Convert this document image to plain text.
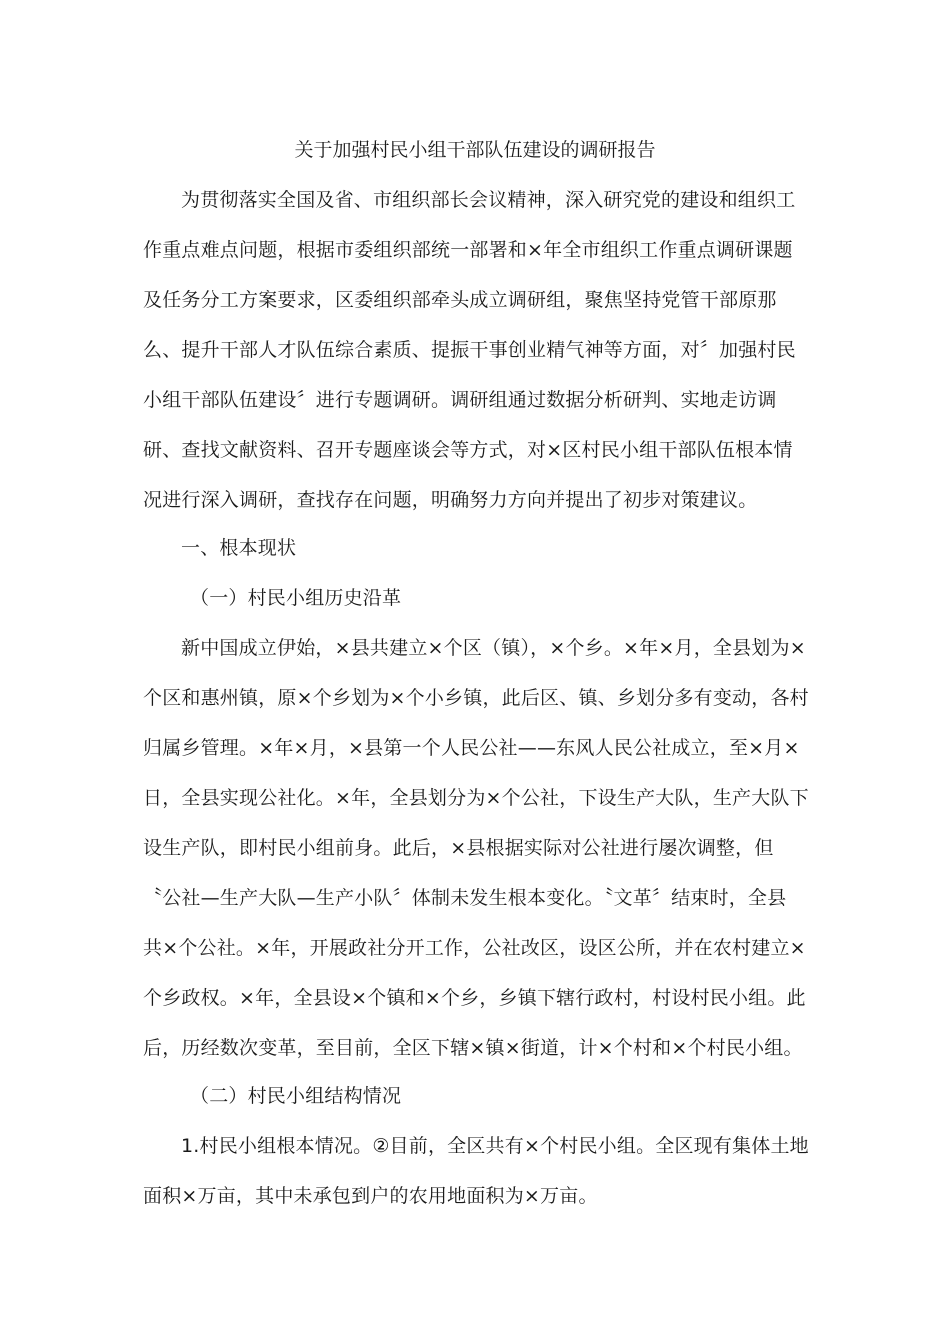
关于加强村民小组干部队伍建设的调研报告
为贯彻落实全国及省、市组织部长会议精神，深入研究党的建设和组织工
作重点难点问题，根据市委组织部统一部署和×年全市组织工作重点调研课题
及任务分工方案要求，区委组织部牵头成立调研组，聚焦坚持党管干部原那
么、提升干部人才队伍综合素质、提振干事创业精气神等方面，对〞加强村民
小组干部队伍建设〞进行专题调研。调研组通过数据分析研判、实地走访调
研、查找文献资料、召开专题座谈会等方式，对×区村民小组干部队伍根本情
况进行深入调研，查找存在问题，明确努力方向并提出了初步对策建议。
一、根本现状
（一）村民小组历史沿革
新中国成立伊始，×县共建立×个区（镇），×个乡。×年×月，全县划为×
个区和惠州镇，原×个乡划为×个小乡镇，此后区、镇、乡划分多有变动，各村
归属乡管理。×年×月，×县第一个人民公社——东风人民公社成立，至×月×
日，全县实现公社化。×年，全县划分为×个公社，下设生产大队，生产大队下
设生产队，即村民小组前身。此后，×县根据实际对公社进行屡次调整，但
〝公社—生产大队—生产小队〞体制未发生根本变化。〝文革〞结束时，全县
共×个公社。×年，开展政社分开工作，公社改区，设区公所，并在农村建立×
个乡政权。×年，全县设×个镇和×个乡，乡镇下辖行政村，村设村民小组。此
后，历经数次变革，至目前，全区下辖×镇×街道，计×个村和×个村民小组。
（二）村民小组结构情况
1.村民小组根本情况。②目前，全区共有×个村民小组。全区现有集体土地
面积×万亩，其中未承包到户的农用地面积为×万亩。
